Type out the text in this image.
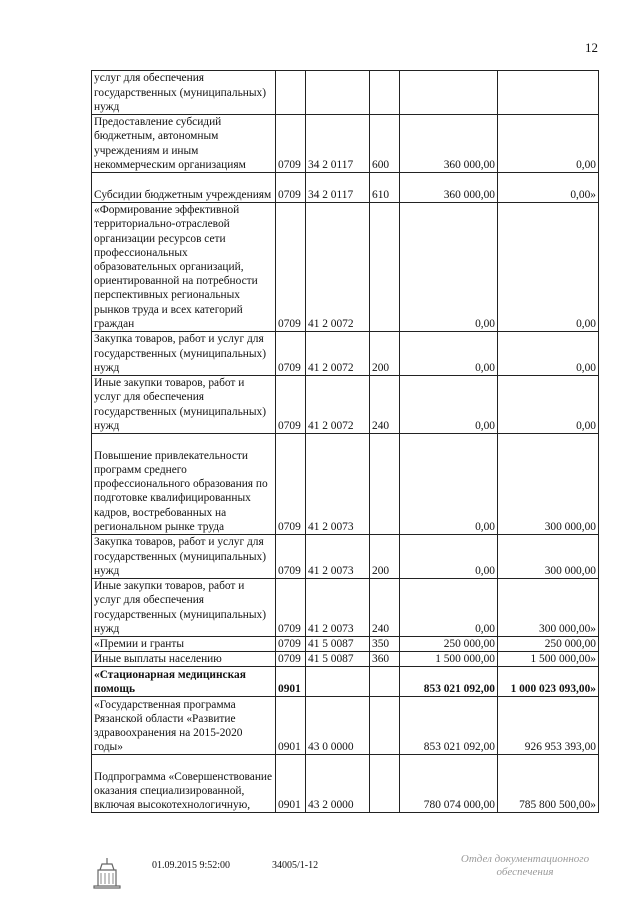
12
услуг для обеспечения государственных (муниципальных) нужд					
Предоставление субсидий бюджетным, автономным учреждениям и иным некоммерческим организациям	0709	34 2 0117	600	360 000,00	0,00
Субсидии бюджетным учреждениям	0709	34 2 0117	610	360 000,00	0,00»
«Формирование эффективной территориально-отраслевой организации ресурсов сети профессиональных образовательных организаций, ориентированной на потребности перспективных региональных рынков труда и всех категорий граждан	0709	41 2 0072		0,00	0,00
Закупка товаров, работ и услуг для государственных (муниципальных) нужд	0709	41 2 0072	200	0,00	0,00
Иные закупки товаров, работ и услуг для обеспечения государственных (муниципальных) нужд	0709	41 2 0072	240	0,00	0,00
Повышение привлекательности программ среднего профессионального образования по подготовке квалифицированных кадров, востребованных на региональном рынке труда	0709	41 2 0073		0,00	300 000,00
Закупка товаров, работ и услуг для государственных (муниципальных) нужд	0709	41 2 0073	200	0,00	300 000,00
Иные закупки товаров, работ и услуг для обеспечения государственных (муниципальных) нужд	0709	41 2 0073	240	0,00	300 000,00»
«Премии и гранты	0709	41 5 0087	350	250 000,00	250 000,00
Иные выплаты населению	0709	41 5 0087	360	1 500 000,00	1 500 000,00»
«Стационарная медицинская помощь	0901			853 021 092,00	1 000 023 093,00»
«Государственная программа Рязанской области «Развитие здравоохранения на 2015-2020 годы»	0901	43 0 0000		853 021 092,00	926 953 393,00
Подпрограмма «Совершенствование оказания специализированной, включая высокотехнологичную,	0901	43 2 0000		780 074 000,00	785 800 500,00»
01.09.2015 9:52:00	34005/1-12
Отдел документационного
обеспечения
